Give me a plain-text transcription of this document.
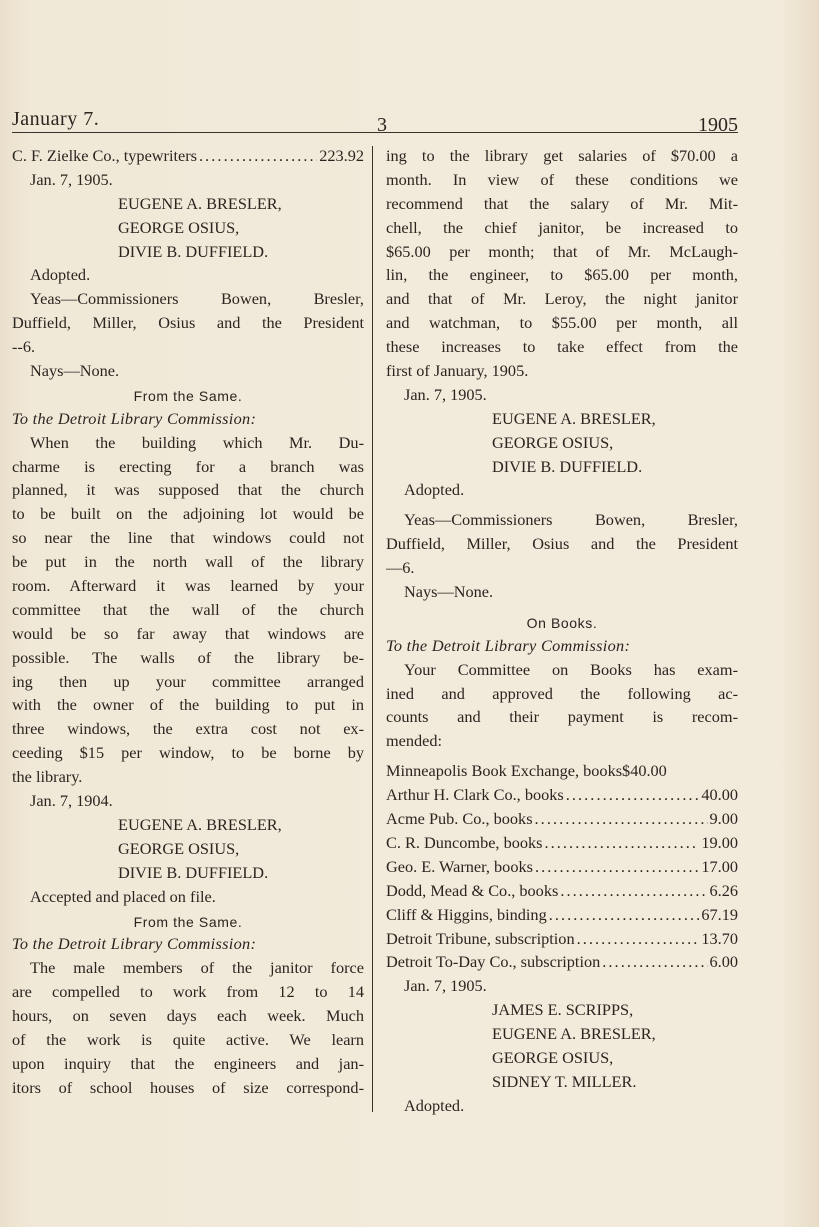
January 7.	3	1905
C. F. Zielke Co., typewriters . . .	223.92
Jan. 7, 1905.
EUGENE A. BRESLER,
GEORGE OSIUS,
DIVIE B. DUFFIELD.
Adopted.
Yeas—Commissioners Bowen, Bresler,
Duffield, Miller, Osius and the President
--6.
Nays—None.
From the Same.
To the Detroit Library Commission:
When the building which Mr. Du-
charme is erecting for a branch was
planned, it was supposed that the church
to be built on the adjoining lot would be
so near the line that windows could not
be put in the north wall of the library
room. Afterward it was learned by your
committee that the wall of the church
would be so far away that windows are
possible. The walls of the library be-
ing then up your committee arranged
with the owner of the building to put in
three windows, the extra cost not ex-
ceeding $15 per window, to be borne by
the library.
Jan. 7, 1904.
EUGENE A. BRESLER,
GEORGE OSIUS,
DIVIE B. DUFFIELD.
Accepted and placed on file.
From the Same.
To the Detroit Library Commission:
The male members of the janitor force
are compelled to work from 12 to 14
hours, on seven days each week. Much
of the work is quite active. We learn
upon inquiry that the engineers and jan-
itors of school houses of size correspond-
ing to the library get salaries of $70.00 a
month. In view of these conditions we
recommend that the salary of Mr. Mit-
chell, the chief janitor, be increased to
$65.00 per month; that of Mr. McLaugh-
lin, the engineer, to $65.00 per month,
and that of Mr. Leroy, the night janitor
and watchman, to $55.00 per month, all
these increases to take effect from the
first of January, 1905.
Jan. 7, 1905.
EUGENE A. BRESLER,
GEORGE OSIUS,
DIVIE B. DUFFIELD.
Adopted.
Yeas—Commissioners Bowen, Bresler,
Duffield, Miller, Osius and the President
—6.
Nays—None.
On Books.
To the Detroit Library Commission:
Your Committee on Books has exam-
ined and approved the following ac-
counts and their payment is recom-
mended:
Minneapolis Book Exchange, books $40.00
Arthur H. Clark Co., books . . .	40.00
Acme Pub. Co., books . . .	9.00
C. R. Duncombe, books . . .	19.00
Geo. E. Warner, books . . .	17.00
Dodd, Mead & Co., books . . .	6.26
Cliff & Higgins, binding . . .	67.19
Detroit Tribune, subscription . . .	13.70
Detroit To-Day Co., subscription . . .	6.00
Jan. 7, 1905.
JAMES E. SCRIPPS,
EUGENE A. BRESLER,
GEORGE OSIUS,
SIDNEY T. MILLER.
Adopted.
